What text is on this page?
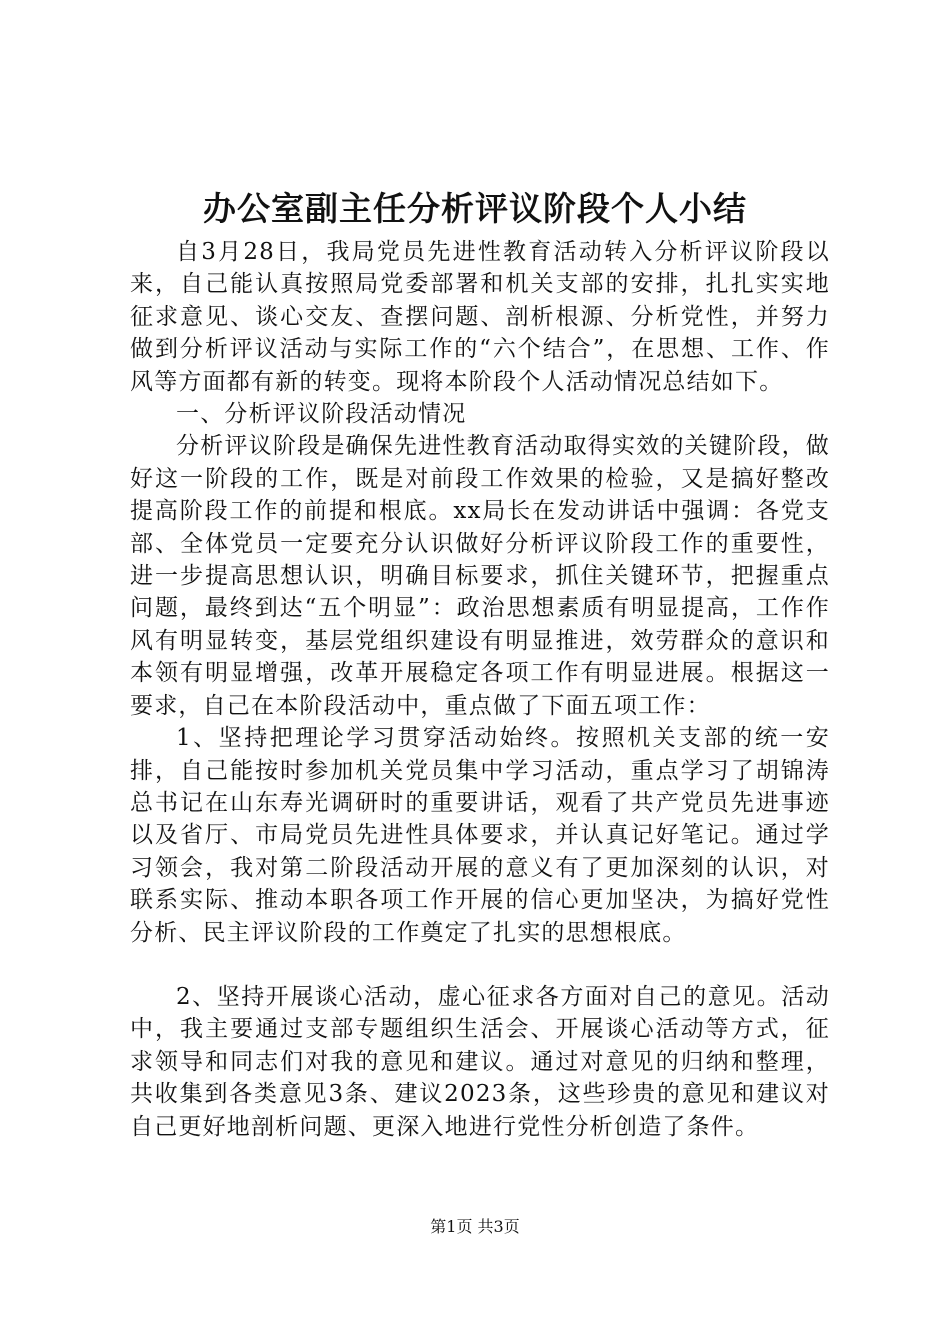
办公室副主任分析评议阶段个人小结

自3月28日，我局党员先进性教育活动转入分析评议阶段以来，自己能认真按照局党委部署和机关支部的安排，扎扎实实地征求意见、谈心交友、查摆问题、剖析根源、分析党性，并努力做到分析评议活动与实际工作的“六个结合”，在思想、工作、作风等方面都有新的转变。现将本阶段个人活动情况总结如下。

一、分析评议阶段活动情况

分析评议阶段是确保先进性教育活动取得实效的关键阶段，做好这一阶段的工作，既是对前段工作效果的检验，又是搞好整改提高阶段工作的前提和根底。xx局长在发动讲话中强调：各党支部、全体党员一定要充分认识做好分析评议阶段工作的重要性，进一步提高思想认识，明确目标要求，抓住关键环节，把握重点问题，最终到达“五个明显”：政治思想素质有明显提高，工作作风有明显转变，基层党组织建设有明显推进，效劳群众的意识和本领有明显增强，改革开展稳定各项工作有明显进展。根据这一要求，自己在本阶段活动中，重点做了下面五项工作：

1、坚持把理论学习贯穿活动始终。按照机关支部的统一安排，自己能按时参加机关党员集中学习活动，重点学习了胡锦涛总书记在山东寿光调研时的重要讲话，观看了共产党员先进事迹以及省厅、市局党员先进性具体要求，并认真记好笔记。通过学习领会，我对第二阶段活动开展的意义有了更加深刻的认识，对联系实际、推动本职各项工作开展的信心更加坚决，为搞好党性分析、民主评议阶段的工作奠定了扎实的思想根底。

2、坚持开展谈心活动，虚心征求各方面对自己的意见。活动中，我主要通过支部专题组织生活会、开展谈心活动等方式，征求领导和同志们对我的意见和建议。通过对意见的归纳和整理，共收集到各类意见3条、建议2023条，这些珍贵的意见和建议对自己更好地剖析问题、更深入地进行党性分析创造了条件。

第1页 共3页
